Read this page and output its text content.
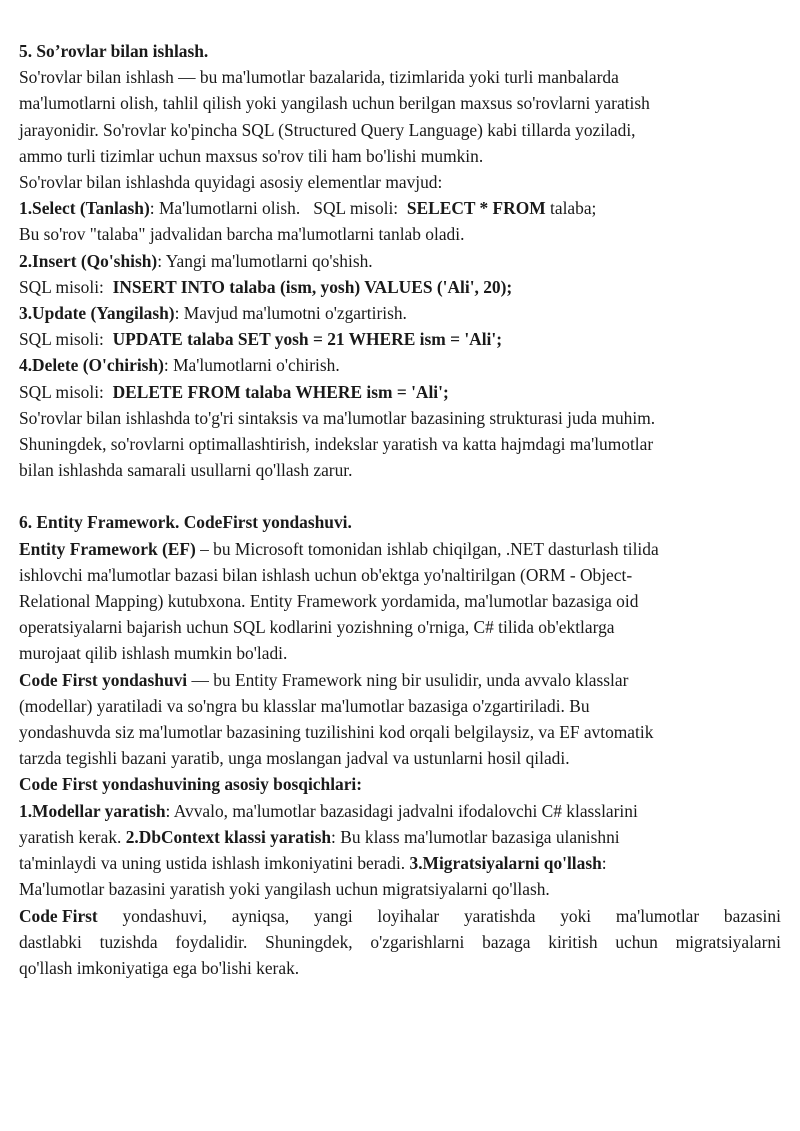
5. So’rovlar bilan ishlash.
So'rovlar bilan ishlash — bu ma'lumotlar bazalarida, tizimlarida yoki turli manbalarda
ma'lumotlarni olish, tahlil qilish yoki yangilash uchun berilgan maxsus so'rovlarni yaratish
jarayonidir. So'rovlar ko'pincha SQL (Structured Query Language) kabi tillarda yoziladi,
ammo turli tizimlar uchun maxsus so'rov tili ham bo'lishi mumkin.
So'rovlar bilan ishlashda quyidagi asosiy elementlar mavjud:
1.Select (Tanlash): Ma'lumotlarni olish.   SQL misoli:  SELECT * FROM talaba;
Bu so'rov "talaba" jadvalidan barcha ma'lumotlarni tanlab oladi.
2.Insert (Qo'shish): Yangi ma'lumotlarni qo'shish.
SQL misoli:  INSERT INTO talaba (ism, yosh) VALUES ('Ali', 20);
3.Update (Yangilash): Mavjud ma'lumotni o'zgartirish.
SQL misoli:  UPDATE talaba SET yosh = 21 WHERE ism = 'Ali';
4.Delete (O'chirish): Ma'lumotlarni o'chirish.
SQL misoli:  DELETE FROM talaba WHERE ism = 'Ali';
So'rovlar bilan ishlashda to'g'ri sintaksis va ma'lumotlar bazasining strukturasi juda muhim.
Shuningdek, so'rovlarni optimallashtirish, indekslar yaratish va katta hajmdagi ma'lumotlar
bilan ishlashda samarali usullarni qo'llash zarur.
6. Entity Framework. CodeFirst yondashuvi.
Entity Framework (EF) – bu Microsoft tomonidan ishlab chiqilgan, .NET dasturlash tilida
ishlovchi ma'lumotlar bazasi bilan ishlash uchun ob'ektga yo'naltirilgan (ORM - Object-
Relational Mapping) kutubxona. Entity Framework yordamida, ma'lumotlar bazasiga oid
operatsiyalarni bajarish uchun SQL kodlarini yozishning o'rniga, C# tilida ob'ektlarga
murojaat qilib ishlash mumkin bo'ladi.
Code First yondashuvi — bu Entity Framework ning bir usulidir, unda avvalo klasslar
(modellar) yaratiladi va so'ngra bu klasslar ma'lumotlar bazasiga o'zgartiriladi. Bu
yondashuvda siz ma'lumotlar bazasining tuzilishini kod orqali belgilaysiz, va EF avtomatik
tarzda tegishli bazani yaratib, unga moslangan jadval va ustunlarni hosil qiladi.
Code First yondashuvining asosiy bosqichlari:
1.Modellar yaratish: Avvalo, ma'lumotlar bazasidagi jadvalni ifodalovchi C# klasslarini
yaratish kerak. 2.DbContext klassi yaratish: Bu klass ma'lumotlar bazasiga ulanishni
ta'minlaydi va uning ustida ishlash imkoniyatini beradi. 3.Migratsiyalarni qo'llash:
Ma'lumotlar bazasini yaratish yoki yangilash uchun migratsiyalarni qo'llash.
Code First yondashuvi, ayniqsa, yangi loyihalar yaratishda yoki ma'lumotlar bazasini
dastlabki tuzishda foydalidir. Shuningdek, o'zgarishlarni bazaga kiritish uchun migratsiyalarni
qo'llash imkoniyatiga ega bo'lishi kerak.
